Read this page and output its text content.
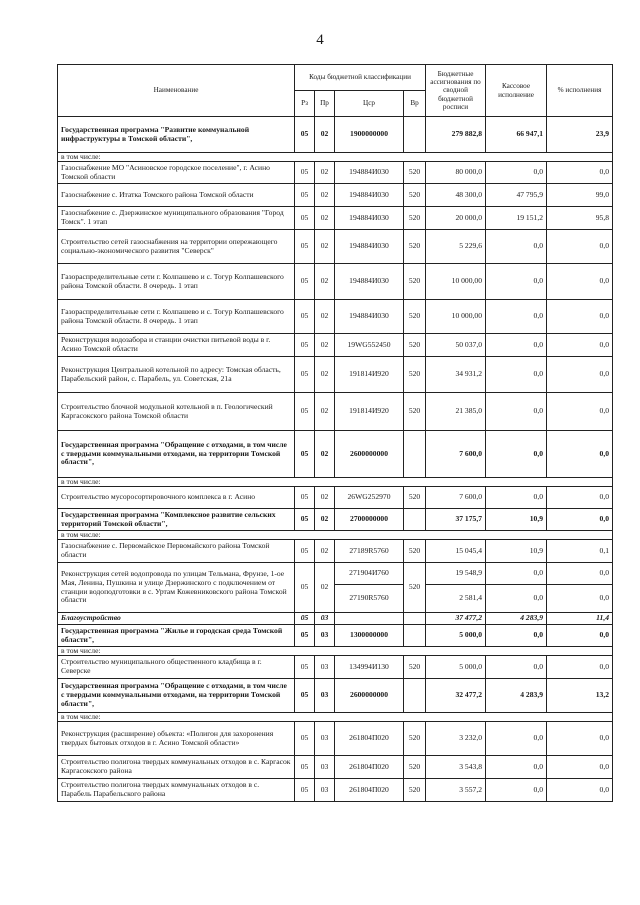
4
Наименование	Коды бюджетной классификации				Бюджетные ассигнования по сводной бюджетной росписи	Кассовое исполнение	% исполнения
	Рз	Пр	Цср	Вр			
Государственная программа "Развитие коммунальной инфраструктуры в Томской области",	05	02	1900000000		279 882,8	66 947,1	23,9
в том числе:							
Газоснабжение МО "Асиновское городское поселение", г. Асино Томской области	05	02	194884И030	520	80 000,0	0,0	0,0
Газоснабжение с. Итатка Томского района Томской области	05	02	194884И030	520	48 300,0	47 795,9	99,0
Газоснабжение с. Дзержинское муниципального образования "Город Томск". 1 этап	05	02	194884И030	520	20 000,0	19 151,2	95,8
Строительство сетей газоснабжения на территории опережающего социально-экономического развития "Северск"	05	02	194884И030	520	5 229,6	0,0	0,0
Газораспределительные сети г. Колпашево и с. Тогур Колпашевского района Томской области. 8 очередь. 1 этап	05	02	194884И030	520	10 000,00	0,0	0,0
Газораспределительные сети г. Колпашево и с. Тогур Колпашевского района Томской области. 8 очередь. 1 этап	05	02	194884И030	520	10 000,00	0,0	0,0
Реконструкция водозабора и станции очистки питьевой воды в г. Асино Томской области	05	02	19WG552450	520	50 037,0	0,0	0,0
Реконструкция Центральной котельной по адресу: Томская область, Парабельский район, с. Парабель, ул. Советская, 21а	05	02	191814И920	520	34 931,2	0,0	0,0
Строительство блочной модульной котельной в п. Геологический Каргасокского района Томской области	05	02	191814И920	520	21 385,0	0,0	0,0
Государственная программа "Обращение с отходами, в том числе с твердыми коммунальными отходами, на территории Томской области",	05	02	2600000000		7 600,0	0,0	0,0
в том числе:							
Строительство мусоросортировочного комплекса в г. Асино	05	02	26WG252970	520	7 600,0	0,0	0,0
Государственная программа "Комплексное развитие сельских территорий Томской области",	05	02	2700000000		37 175,7	10,9	0,0
в том числе:							
Газоснабжение с. Первомайское Первомайского района Томской области	05	02	27189R5760	520	15 045,4	10,9	0,1
Реконструкция сетей водопровода по улицам Тельмана, Фрунзе, 1-ое Мая, Ленина, Пушкина и улице Дзержинского с подключением от станции водоподготовки в с. Уртам Кожевниковского района Томской области	05	02	271904И760	520	19 548,9	0,0	0,0
			27190R5760		2 581,4	0,0	0,0
Благоустройство	05	03			37 477,2	4 283,9	11,4
Государственная программа "Жилье и городская среда Томской области",	05	03	1300000000		5 000,0	0,0	0,0
в том числе:							
Строительство муниципального общественного кладбища в г. Северске	05	03	134994И130	520	5 000,0	0,0	0,0
Государственная программа "Обращение с отходами, в том числе с твердыми коммунальными отходами, на территории Томской области",	05	03	2600000000		32 477,2	4 283,9	13,2
в том числе:							
Реконструкция (расширение) объекта: «Полигон для захоронения твердых бытовых отходов в г. Асино Томской области»	05	03	261804П020	520	3 232,0	0,0	0,0
Строительство полигона твердых коммунальных отходов в с. Каргасок Каргасокского района	05	03	261804П020	520	3 543,8	0,0	0,0
Строительство полигона твердых коммунальных отходов в с. Парабель Парабельского района	05	03	261804П020	520	3 557,2	0,0	0,0
